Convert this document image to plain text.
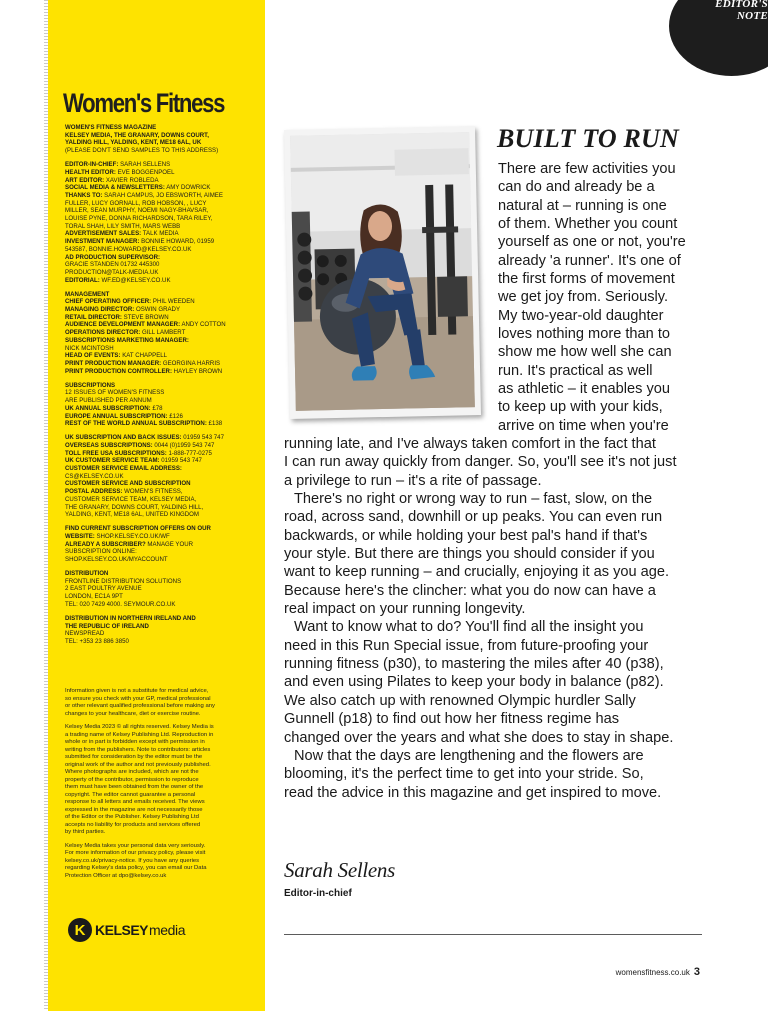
Women's Fitness
WOMEN'S FITNESS MAGAZINE
KELSEY MEDIA, THE GRANARY, DOWNS COURT,
YALDING HILL, YALDING, KENT, ME18 6AL, UK
(PLEASE DON'T SEND SAMPLES TO THIS ADDRESS)
EDITOR-IN-CHIEF: SARAH SELLENS
HEALTH EDITOR: EVE BOGGENPOEL
ART EDITOR: XAVIER ROBLEDA
SOCIAL MEDIA & NEWSLETTERS: AMY DOWRICK
THANKS TO: SARAH CAMPUS, JO EBSWORTH, AIMEE
FULLER, LUCY GORNALL, ROB HOBSON, , LUCY
MILLER, SEAN MURPHY, NOEMI NAGY-BHAVSAR,
LOUISE PYNE, DONNA RICHARDSON, TARA RILEY,
TORAL SHAH, LILY SMITH, MARS WEBB
ADVERTISEMENT SALES: TALK MEDIA
INVESTMENT MANAGER: BONNIE HOWARD, 01959
543587, BONNIE.HOWARD@KELSEY.CO.UK
AD PRODUCTION SUPERVISOR:
GRACIE STANDEN 01732 445300
PRODUCTION@TALK-MEDIA.UK
EDITORIAL: WF.ED@KELSEY.CO.UK
MANAGEMENT
CHIEF OPERATING OFFICER: PHIL WEEDEN
MANAGING DIRECTOR: OSWIN GRADY
RETAIL DIRECTOR: STEVE BROWN
AUDIENCE DEVELOPMENT MANAGER: ANDY COTTON
OPERATIONS DIRECTOR: GILL LAMBERT
SUBSCRIPTIONS MARKETING MANAGER:
NICK MCINTOSH
HEAD OF EVENTS: KAT CHAPPELL
PRINT PRODUCTION MANAGER: GEORGINA HARRIS
PRINT PRODUCTION CONTROLLER: HAYLEY BROWN
SUBSCRIPTIONS
12 ISSUES OF WOMEN'S FITNESS
ARE PUBLISHED PER ANNUM
UK ANNUAL SUBSCRIPTION: £78
EUROPE ANNUAL SUBSCRIPTION: £126
REST OF THE WORLD ANNUAL SUBSCRIPTION: £138
UK SUBSCRIPTION AND BACK ISSUES: 01959 543 747
OVERSEAS SUBSCRIPTIONS: 0044 (0)1959 543 747
TOLL FREE USA SUBSCRIPTIONS: 1-888-777-0275
UK CUSTOMER SERVICE TEAM: 01959 543 747
CUSTOMER SERVICE EMAIL ADDRESS:
CS@KELSEY.CO.UK
CUSTOMER SERVICE AND SUBSCRIPTION
POSTAL ADDRESS: WOMEN'S FITNESS,
CUSTOMER SERVICE TEAM, KELSEY MEDIA,
THE GRANARY, DOWNS COURT, YALDING HILL,
YALDING, KENT, ME18 6AL, UNITED KINGDOM
FIND CURRENT SUBSCRIPTION OFFERS ON OUR
WEBSITE: SHOP.KELSEY.CO.UK/WF
ALREADY A SUBSCRIBER? MANAGE YOUR
SUBSCRIPTION ONLINE:
SHOP.KELSEY.CO.UK/MYACCOUNT
DISTRIBUTION
FRONTLINE DISTRIBUTION SOLUTIONS
2 EAST POULTRY AVENUE
LONDON, EC1A 9PT
TEL: 020 7429 4000. SEYMOUR.CO.UK
DISTRIBUTION IN NORTHERN IRELAND AND
THE REPUBLIC OF IRELAND
NEWSPREAD
TEL: +353 23 886 3850

Information given is not a substitute for medical advice,
so ensure you check with your GP, medical professional
or other relevant qualified professional before making any
changes to your healthcare, diet or exercise routine.

Kelsey Media 2023 © all rights reserved. Kelsey Media is
a trading name of Kelsey Publishing Ltd. Reproduction in
whole or in part is forbidden except with permission in
writing from the publishers. Note to contributors: articles
submitted for consideration by the editor must be the
original work of the author and not previously published.
Where photographs are included, which are not the
property of the contributor, permission to reproduce
them must have been obtained from the owner of the
copyright. The editor cannot guarantee a personal
response to all letters and emails received. The views
expressed in the magazine are not necessarily those
of the Editor or the Publisher. Kelsey Publishing Ltd
accepts no liability for products and services offered
by third parties.

Kelsey Media takes your personal data very seriously.
For more information of our privacy policy, please visit
kelsey.co.uk/privacy-notice. If you have any queries
regarding Kelsey's data policy, you can email our Data
Protection Officer at dpo@kelsey.co.uk

K KELSEY media
EDITOR'S
NOTE
BUILT TO RUN
There are few activities you
can do and already be a
natural at – running is one
of them. Whether you count
yourself as one or not, you're
already 'a runner'. It's one of
the first forms of movement
we get joy from. Seriously.
My two-year-old daughter
loves nothing more than to
show me how well she can
run. It's practical as well
as athletic – it enables you
to keep up with your kids,
arrive on time when you're
running late, and I've always taken comfort in the fact that
I can run away quickly from danger. So, you'll see it's not just
a privilege to run – it's a rite of passage.
There's no right or wrong way to run – fast, slow, on the
road, across sand, downhill or up peaks. You can even run
backwards, or while holding your best pal's hand if that's
your style. But there are things you should consider if you
want to keep running – and crucially, enjoying it as you age.
Because here's the clincher: what you do now can have a
real impact on your running longevity.
Want to know what to do? You'll find all the insight you
need in this Run Special issue, from future-proofing your
running fitness (p30), to mastering the miles after 40 (p38),
and even using Pilates to keep your body in balance (p82).
We also catch up with renowned Olympic hurdler Sally
Gunnell (p18) to find out how her fitness regime has
changed over the years and what she does to stay in shape.
Now that the days are lengthening and the flowers are
blooming, it's the perfect time to get into your stride. So,
read the advice in this magazine and get inspired to move.
Sarah Sellens
Editor-in-chief
womensfitness.co.uk 3
